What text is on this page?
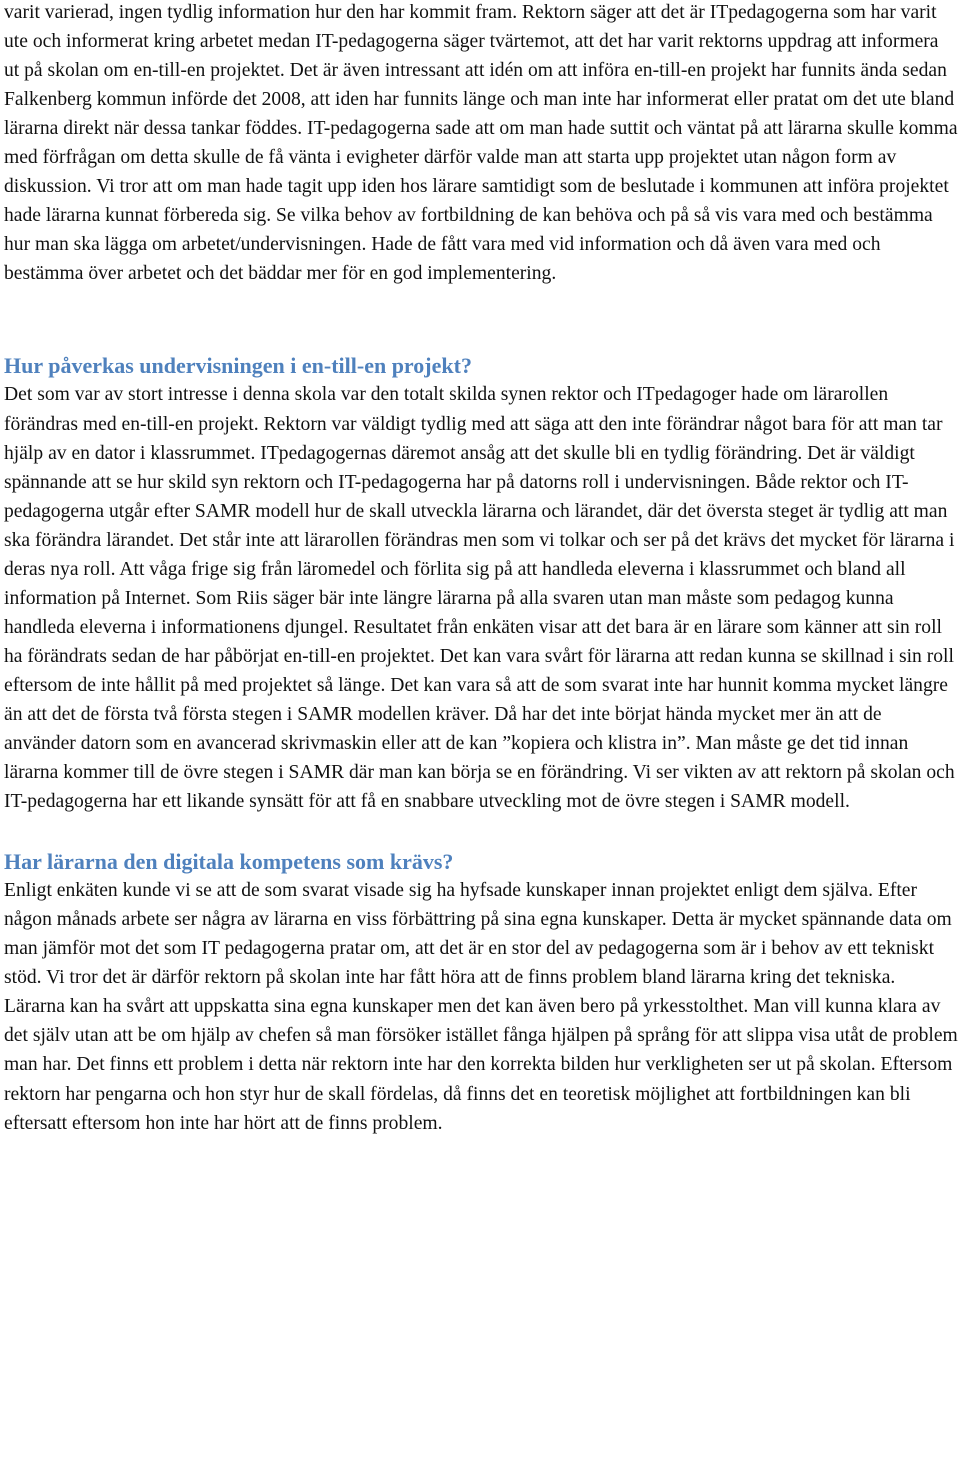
varit varierad, ingen tydlig information hur den har kommit fram. Rektorn säger att det är ITpedagogerna som har varit ute och informerat kring arbetet medan IT-pedagogerna säger tvärtemot, att det har varit rektorns uppdrag att informera ut på skolan om en-till-en projektet. Det är även intressant att idén om att införa en-till-en projekt har funnits ända sedan Falkenberg kommun införde det 2008, att iden har funnits länge och man inte har informerat eller pratat om det ute bland lärarna direkt när dessa tankar föddes. IT-pedagogerna sade att om man hade suttit och väntat på att lärarna skulle komma med förfrågan om detta skulle de få vänta i evigheter därför valde man att starta upp projektet utan någon form av diskussion. Vi tror att om man hade tagit upp iden hos lärare samtidigt som de beslutade i kommunen att införa projektet hade lärarna kunnat förbereda sig. Se vilka behov av fortbildning de kan behöva och på så vis vara med och bestämma hur man ska lägga om arbetet/undervisningen. Hade de fått vara med vid information och då även vara med och bestämma över arbetet och det bäddar mer för en god implementering.

Hur påverkas undervisningen i en-till-en projekt?

Det som var av stort intresse i denna skola var den totalt skilda synen rektor och ITpedagoger hade om lärarollen förändras med en-till-en projekt. Rektorn var väldigt tydlig med att säga att den inte förändrar något bara för att man tar hjälp av en dator i klassrummet. ITpedagogernas däremot ansåg att det skulle bli en tydlig förändring. Det är väldigt spännande att se hur skild syn rektorn och IT-pedagogerna har på datorns roll i undervisningen. Både rektor och IT-pedagogerna utgår efter SAMR modell hur de skall utveckla lärarna och lärandet, där det översta steget är tydlig att man ska förändra lärandet. Det står inte att lärarollen förändras men som vi tolkar och ser på det krävs det mycket för lärarna i deras nya roll. Att våga frige sig från läromedel och förlita sig på att handleda eleverna i klassrummet och bland all information på Internet. Som Riis säger bär inte längre lärarna på alla svaren utan man måste som pedagog kunna handleda eleverna i informationens djungel. Resultatet från enkäten visar att det bara är en lärare som känner att sin roll ha förändrats sedan de har påbörjat en-till-en projektet. Det kan vara svårt för lärarna att redan kunna se skillnad i sin roll eftersom de inte hållit på med projektet så länge. Det kan vara så att de som svarat inte har hunnit komma mycket längre än att det de första två första stegen i SAMR modellen kräver. Då har det inte börjat hända mycket mer än att de använder datorn som en avancerad skrivmaskin eller att de kan ”kopiera och klistra in”. Man måste ge det tid innan lärarna kommer till de övre stegen i SAMR där man kan börja se en förändring. Vi ser vikten av att rektorn på skolan och IT-pedagogerna har ett likande synsätt för att få en snabbare utveckling mot de övre stegen i SAMR modell.

Har lärarna den digitala kompetens som krävs?

Enligt enkäten kunde vi se att de som svarat visade sig ha hyfsade kunskaper innan projektet enligt dem själva. Efter någon månads arbete ser några av lärarna en viss förbättring på sina egna kunskaper. Detta är mycket spännande data om man jämför mot det som IT pedagogerna pratar om, att det är en stor del av pedagogerna som är i behov av ett tekniskt stöd. Vi tror det är därför rektorn på skolan inte har fått höra att de finns problem bland lärarna kring det tekniska. Lärarna kan ha svårt att uppskatta sina egna kunskaper men det kan även bero på yrkesstolthet. Man vill kunna klara av det själv utan att be om hjälp av chefen så man försöker istället fånga hjälpen på språng för att slippa visa utåt de problem man har. Det finns ett problem i detta när rektorn inte har den korrekta bilden hur verkligheten ser ut på skolan. Eftersom rektorn har pengarna och hon styr hur de skall fördelas, då finns det en teoretisk möjlighet att fortbildningen kan bli eftersatt eftersom hon inte har hört att de finns problem.
